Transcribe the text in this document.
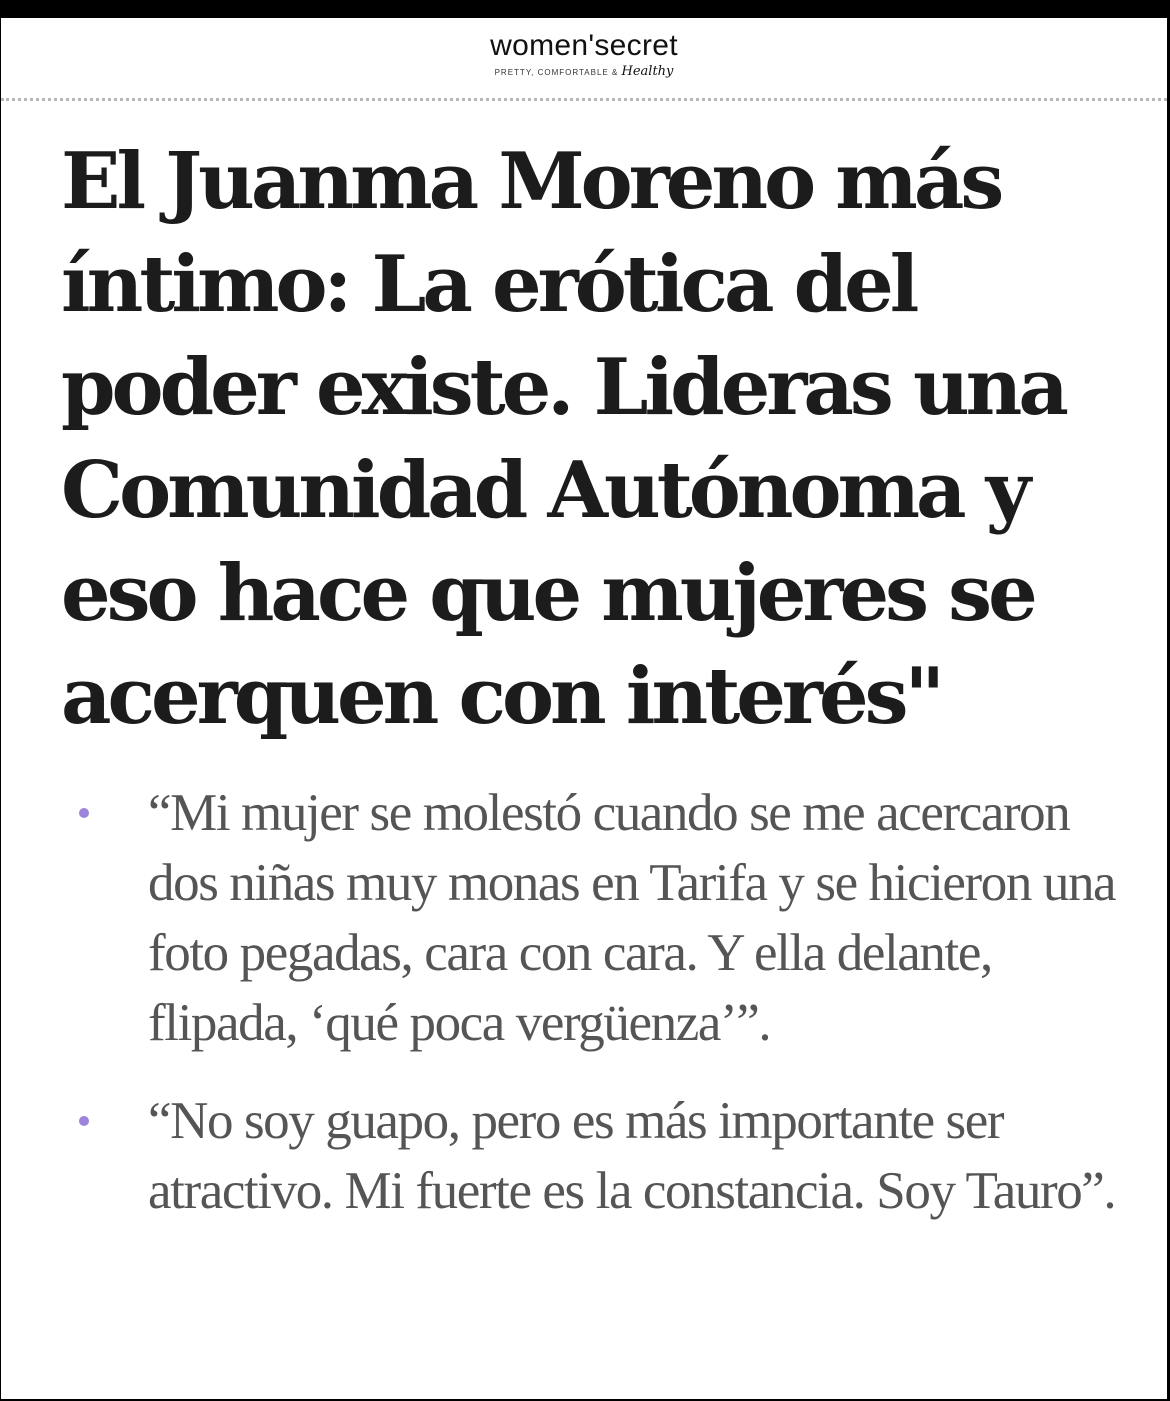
women'secret
PRETTY, COMFORTABLE & Healthy
El Juanma Moreno más íntimo: La erótica del poder existe. Lideras una Comunidad Autónoma y eso hace que mujeres se acerquen con interés"
“Mi mujer se molestó cuando se me acercaron dos niñas muy monas en Tarifa y se hicieron una foto pegadas, cara con cara. Y ella delante, flipada, ‘qué poca vergüenza’”.
“No soy guapo, pero es más importante ser atractivo. Mi fuerte es la constancia. Soy Tauro”.
